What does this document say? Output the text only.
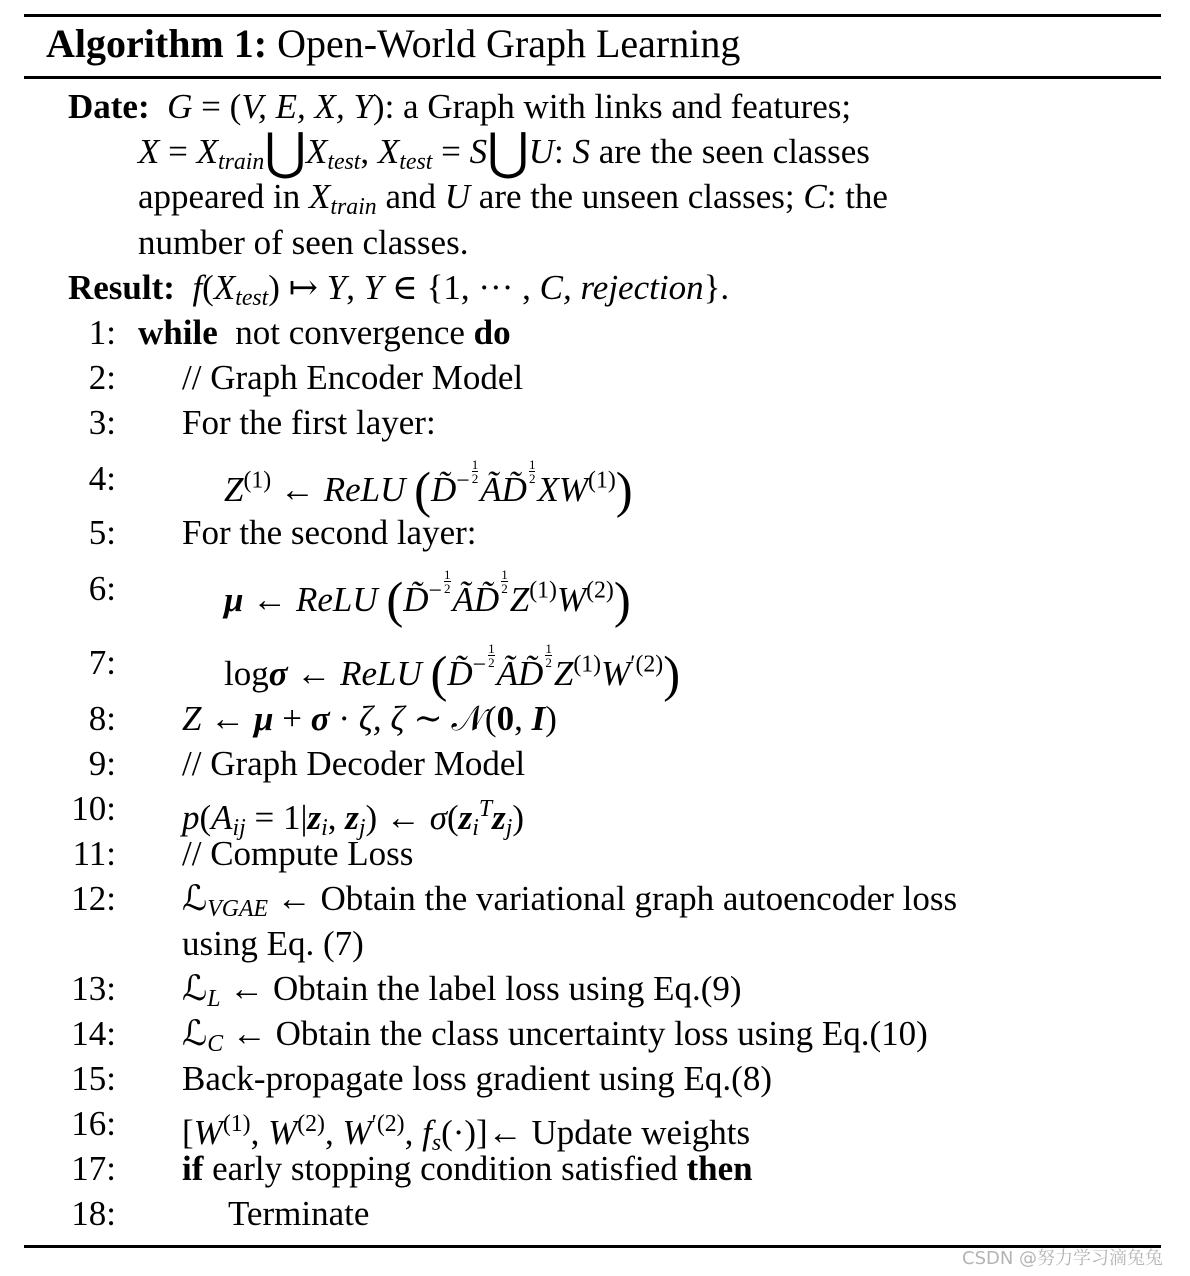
Algorithm 1: Open-World Graph Learning
Date: G = (V, E, X, Y): a Graph with links and features;
$X = X_{train}⋃X_{test}$, $X_{test}$ = S⋃U: S are the seen classes
appeared in $X_{train}$ and U are the unseen classes; C: the
number of seen classes.
Result: $f(X_{test})$ ↦ Y, Y ∈ {1, ··· , C, rejection}.
1:
2:
3:
4:
5:
6:
7:
8:
9:
10:
11:
12:
13:
14:
15:
16:
17:
18:
while  not convergence do
// Graph Encoder Model
For the first layer:
$Z^{(1)}$ ← ReLU (D̃$^{- \frac{1}{2}}$ ÃD̃ $^{\frac{1}{2}}$ XW$^{(1)}$)
For the second layer:
μ ← ReLU (D̃$^{- \frac{1}{2}}$ ÃD̃ $^{\frac{1}{2}}$ $Z^{(1)}W^{(2)}$)
logσ ← ReLU (D̃$^{- \frac{1}{2}}$ ÃD̃ $^{\frac{1}{2}}$ $Z^{(1)}W^{'(2)}$)
Z ← μ + σ · ζ, ζ ∼ 𝒩(0, I)
// Graph Decoder Model
$p(A_{ij} = 1|z_i$, $z_j$) ← $\sigma(z_i^Tz_j)$
// Compute Loss
ℒ$_{VGAE}$ ← Obtain the variational graph autoencoder loss
using Eq. (7)
ℒ$_L$ ← Obtain the label loss using Eq.(9)
ℒ$_C$ ← Obtain the class uncertainty loss using Eq.(10)
Back-propagate loss gradient using Eq.(8)
[$W^{(1)}$, $W^{(2)}$, $W^{'(2)}$, $f_s(\cdot)]\leftarrow$ Update weights
if early stopping condition satisfied then
Terminate
CSDN @努力学习滴兔兔
